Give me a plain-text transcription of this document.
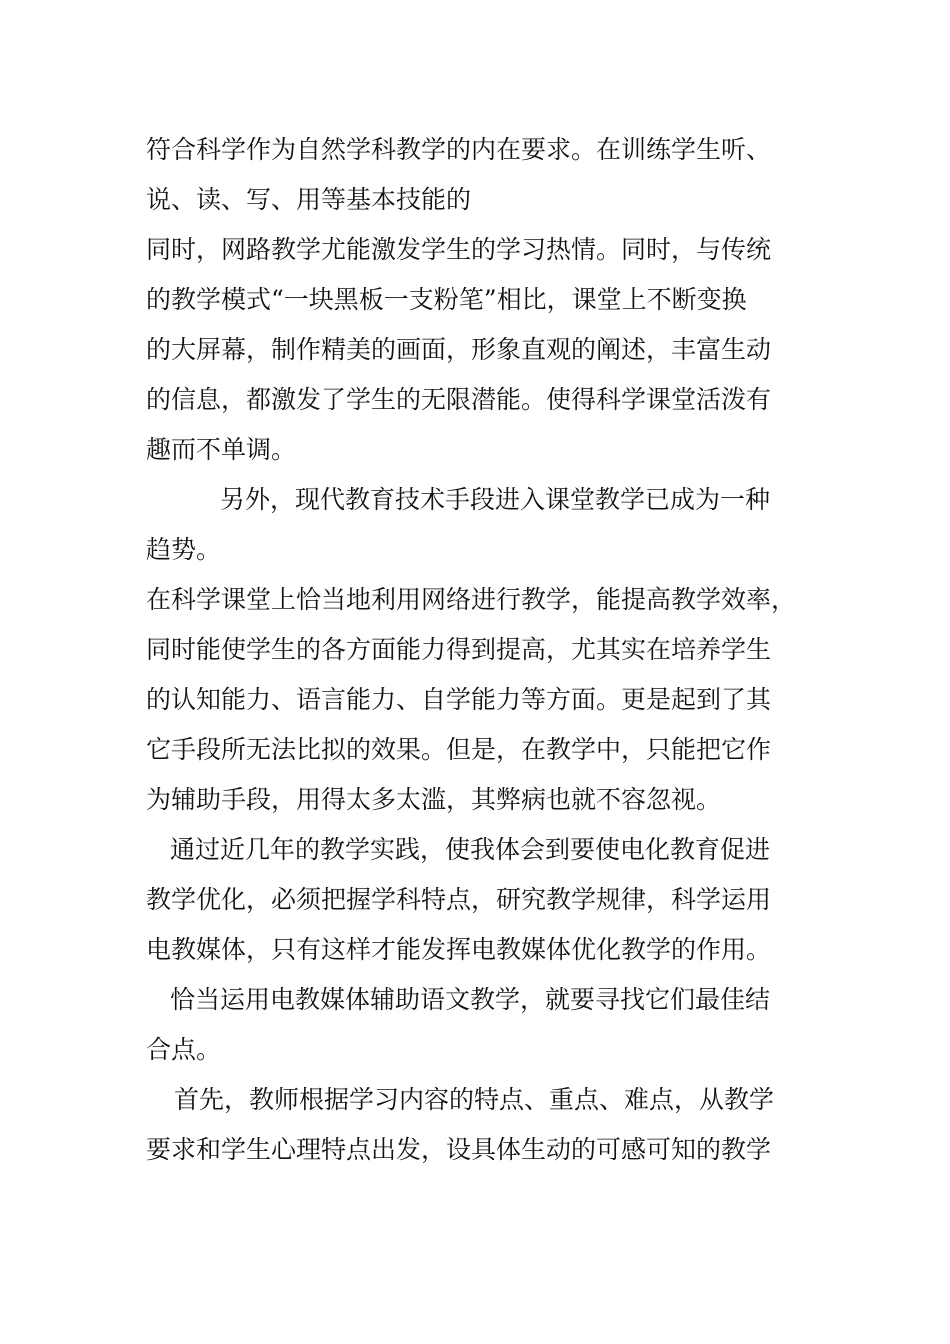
符合科学作为自然学科教学的内在要求。在训练学生听、

说、读、写、用等基本技能的

同时，网路教学尤能激发学生的学习热情。同时，与传统

的教学模式“一块黑板一支粉笔”相比，课堂上不断变换

的大屏幕，制作精美的画面，形象直观的阐述，丰富生动

的信息，都激发了学生的无限潜能。使得科学课堂活泼有

趣而不单调。

另外，现代教育技术手段进入课堂教学已成为一种

趋势。

在科学课堂上恰当地利用网络进行教学，能提高教学效率，

同时能使学生的各方面能力得到提高，尤其实在培养学生

的认知能力、语言能力、自学能力等方面。更是起到了其

它手段所无法比拟的效果。但是，在教学中，只能把它作

为辅助手段，用得太多太滥，其弊病也就不容忽视。

通过近几年的教学实践，使我体会到要使电化教育促进

教学优化，必须把握学科特点，研究教学规律，科学运用

电教媒体，只有这样才能发挥电教媒体优化教学的作用。

恰当运用电教媒体辅助语文教学，就要寻找它们最佳结

合点。

首先，教师根据学习内容的特点、重点、难点，从教学

要求和学生心理特点出发，设具体生动的可感可知的教学
